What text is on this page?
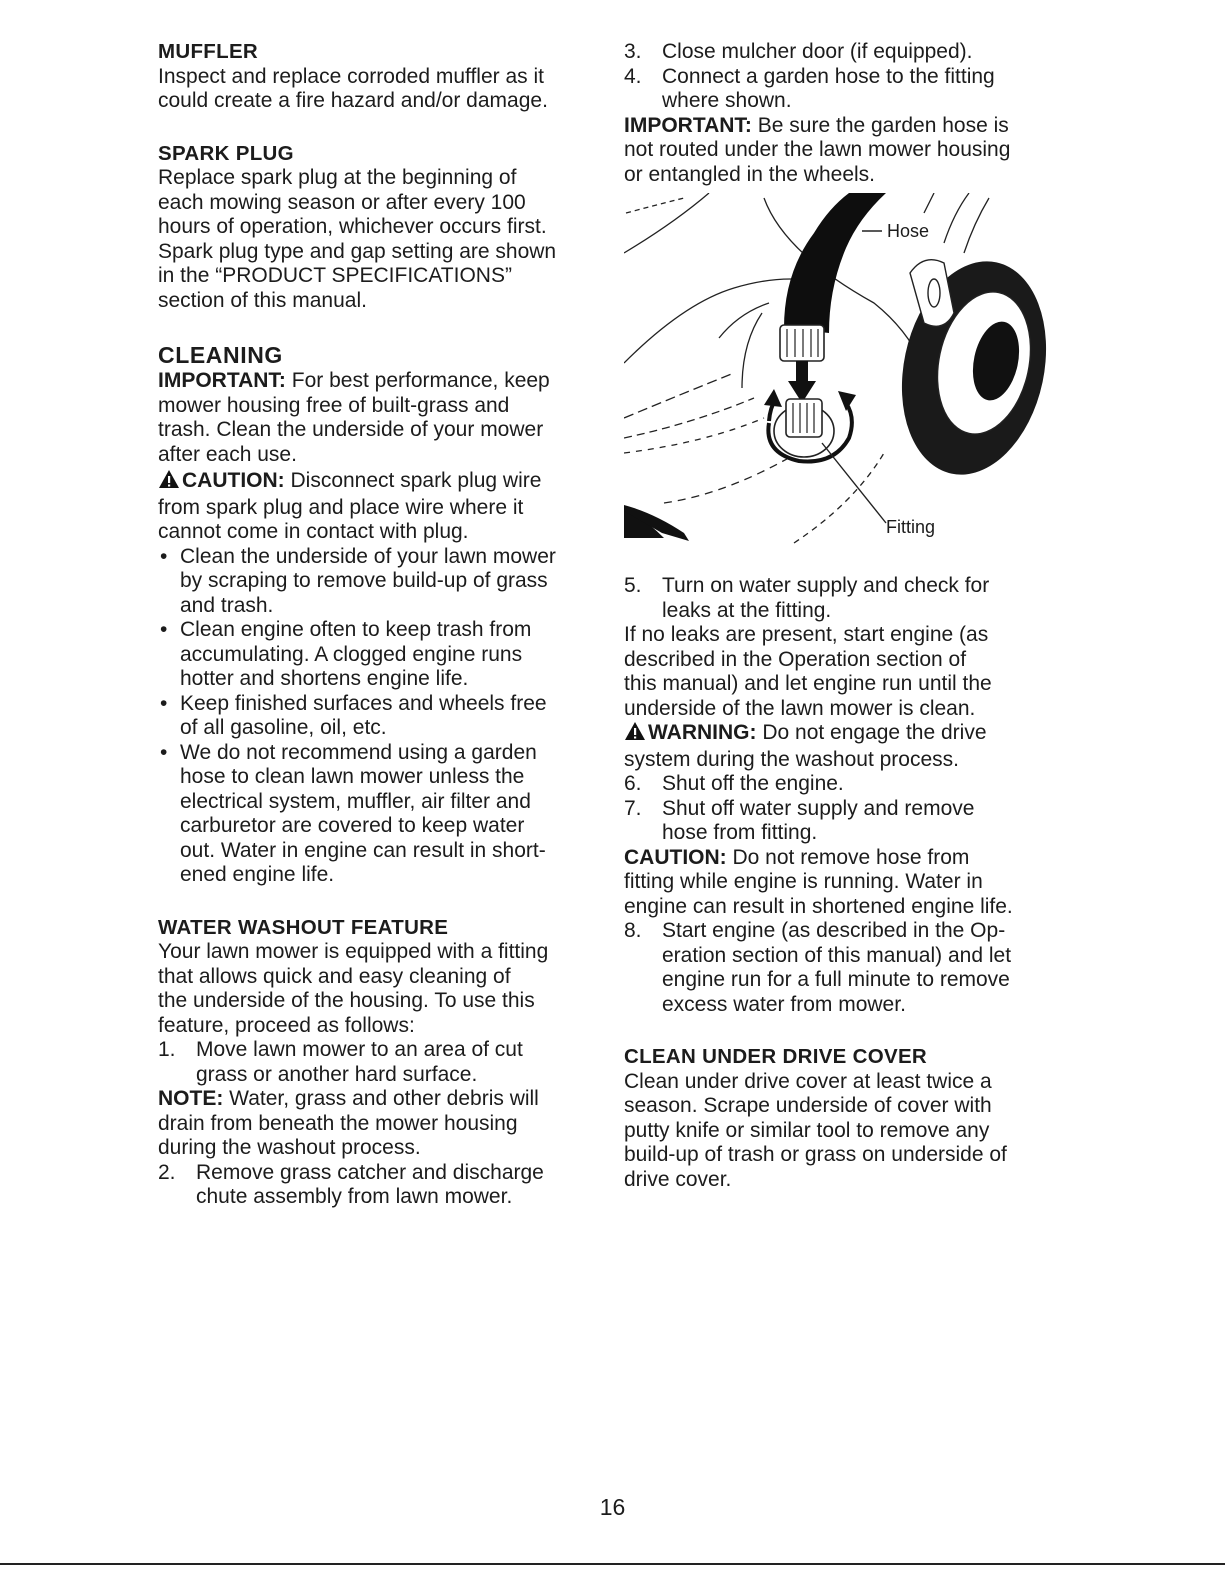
MUFFLER

Inspect and replace corroded muffler as it

could create a fire hazard and/or damage.

SPARK PLUG

Replace spark plug at the beginning of

each mowing season or after every 100

hours of operation, whichever occurs first.

Spark plug type and gap setting are shown

in the “PRODUCT SPECIFICATIONS”

section of this manual.

CLEANING

IMPORTANT: For best performance, keep

mower housing free of built-grass and

trash. Clean the underside of your mower

after each use.

CAUTION: Disconnect spark plug wire

from spark plug and place wire where it

cannot come in contact with plug.

• Clean the underside of your lawn mower

by scraping to remove build-up of grass

and trash.

• Clean engine often to keep trash from

accumulating. A clogged engine runs

hotter and shortens engine life.

• Keep finished surfaces and wheels free

of all gasoline, oil, etc.

• We do not recommend using a garden

hose to clean lawn mower unless the

electrical system, muffler, air filter and

carburetor are covered to keep water

out. Water in engine can result in short-

ened engine life.

WATER WASHOUT FEATURE

Your lawn mower is equipped with a fitting

that allows quick and easy cleaning of

the underside of the housing. To use this

feature, proceed as follows:

1. Move lawn mower to an area of cut

grass or another hard surface.

NOTE: Water, grass and other debris will

drain from beneath the mower housing

during the washout process.

2. Remove grass catcher and discharge

chute assembly from lawn mower.

3. Close mulcher door (if equipped).

4. Connect a garden hose to the fitting

where shown.

IMPORTANT: Be sure the garden hose is

not routed under the lawn mower housing

or entangled in the wheels.

Hose
Fitting
5. Turn on water supply and check for

leaks at the fitting.

If no leaks are present, start engine (as

described in the Operation section of

this manual) and let engine run until the

underside of the lawn mower is clean.

WARNING: Do not engage the drive

system during the washout process.

6. Shut off the engine.

7. Shut off water supply and remove

hose from fitting.

CAUTION: Do not remove hose from

fitting while engine is running. Water in

engine can result in shortened engine life.

8. Start engine (as described in the Op-

eration section of this manual) and let

engine run for a full minute to remove

excess water from mower.

CLEAN UNDER DRIVE COVER

Clean under drive cover at least twice a

season. Scrape underside of cover with

putty knife or similar tool to remove any

build-up of trash or grass on underside of

drive cover.

16
